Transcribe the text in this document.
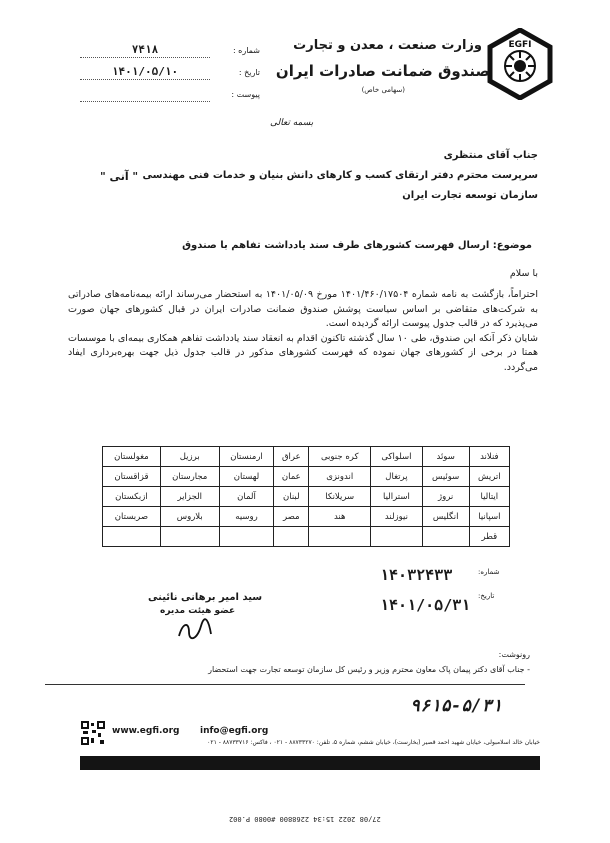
EGFI
وزارت صنعت ، معدن و تجارت
صندوق ضمانت صادرات ایران
(سهامی خاص)
۷۴۱۸	شماره :
۱۴۰۱/۰۵/۱۰	تاریخ :

پیوست :
بسمه تعالی
جناب آقای منتظری
سرپرست محترم دفتر ارتقای کسب و کارهای دانش بنیان و خدمات فنی مهندسی
سازمان توسعه تجارت ایران
" آنی "
موضوع: ارسال فهرست کشورهای طرف سند یادداشت تفاهم با صندوق
با سلام
احتراماً، بازگشت به نامه شماره ۱۴۰۱/۴۶۰/۱۷۵۰۴ مورخ ۱۴۰۱/۰۵/۰۹ به استحضار می‌رساند ارائه بیمه‌نامه‌های صادراتی به شرکت‌های متقاضی بر اساس سیاست پوشش صندوق ضمانت صادرات ایران در قبال کشورهای جهان صورت می‌پذیرد که در قالب جدول پیوست ارائه گردیده است.
شایان ذکر آنکه این صندوق، طی ۱۰ سال گذشته تاکنون اقدام به انعقاد سند یادداشت تفاهم همکاری بیمه‌ای با موسسات همتا در برخی از کشورهای جهان نموده که فهرست کشورهای مذکور در قالب جدول ذیل جهت بهره‌برداری ایفاد می‌گردد.
فنلاند	سوئد	اسلواکی	کره جنوبی	عراق	ارمنستان	برزیل	مغولستان
اتریش	سوئیس	پرتغال	اندونزی	عمان	لهستان	مجارستان	قزاقستان
ایتالیا	نروژ	استرالیا	سریلانکا	لبنان	آلمان	الجزایر	ازبکستان
اسپانیا	انگلیس	نیوزلند	هند	مصر	روسیه	بلاروس	صربستان
قطر							
سید امیر برهانی نائینی
عضو هیئت مدیره
۱۴۰۳۲۴۳۳	شماره:
۱۴۰۱/۰۵/۳۱ تاریخ:
رونوشت:
- جناب آقای دکتر پیمان پاک معاون محترم وزیر و رئیس کل سازمان توسعه تجارت جهت استحضار
www.egfi.org info@egfi.org
خیابان خالد اسلامبولی، خیابان شهید احمد قصیر (بخارست)، خیابان ششم، شماره ۵، تلفن: ۸۸۷۳۳۲۷۰ - ۰۲۱ ، فاکس: ۸۸۷۳۳۷۱۶ - ۰۲۱
۹۶۱۵-۵/۳۱
27/08 2022 15:34 2268800 #0080 P.002
